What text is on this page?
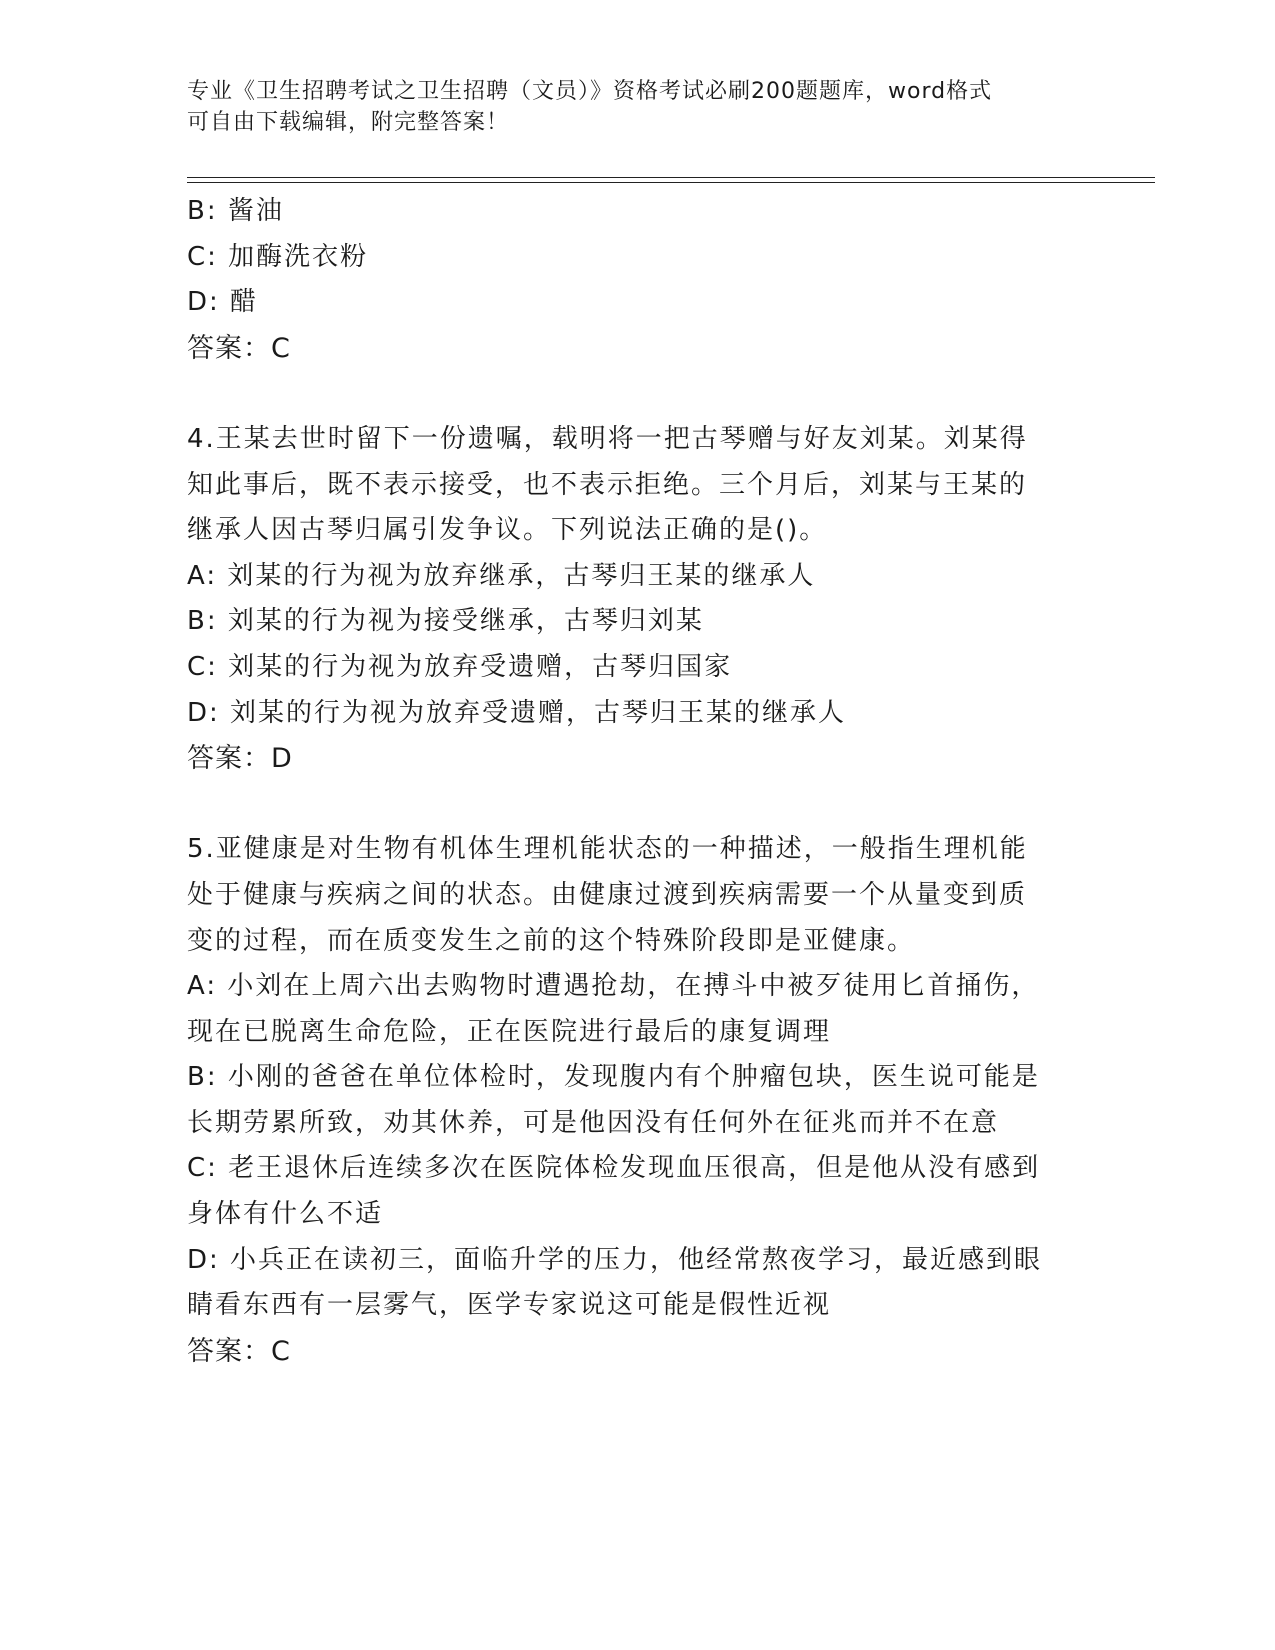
专业《卫生招聘考试之卫生招聘（文员）》资格考试必刷200题题库，word格式
可自由下载编辑，附完整答案！
B: 酱油
C: 加酶洗衣粉
D: 醋
答案：C
4.王某去世时留下一份遗嘱，载明将一把古琴赠与好友刘某。刘某得
知此事后，既不表示接受，也不表示拒绝。三个月后，刘某与王某的
继承人因古琴归属引发争议。下列说法正确的是()。
A: 刘某的行为视为放弃继承，古琴归王某的继承人
B: 刘某的行为视为接受继承，古琴归刘某
C: 刘某的行为视为放弃受遗赠，古琴归国家
D: 刘某的行为视为放弃受遗赠，古琴归王某的继承人
答案：D
5.亚健康是对生物有机体生理机能状态的一种描述，一般指生理机能
处于健康与疾病之间的状态。由健康过渡到疾病需要一个从量变到质
变的过程，而在质变发生之前的这个特殊阶段即是亚健康。
A: 小刘在上周六出去购物时遭遇抢劫，在搏斗中被歹徒用匕首捅伤，
现在已脱离生命危险，正在医院进行最后的康复调理
B: 小刚的爸爸在单位体检时，发现腹内有个肿瘤包块，医生说可能是
长期劳累所致，劝其休养，可是他因没有任何外在征兆而并不在意
C: 老王退休后连续多次在医院体检发现血压很高，但是他从没有感到
身体有什么不适
D: 小兵正在读初三，面临升学的压力，他经常熬夜学习，最近感到眼
睛看东西有一层雾气，医学专家说这可能是假性近视
答案：C
